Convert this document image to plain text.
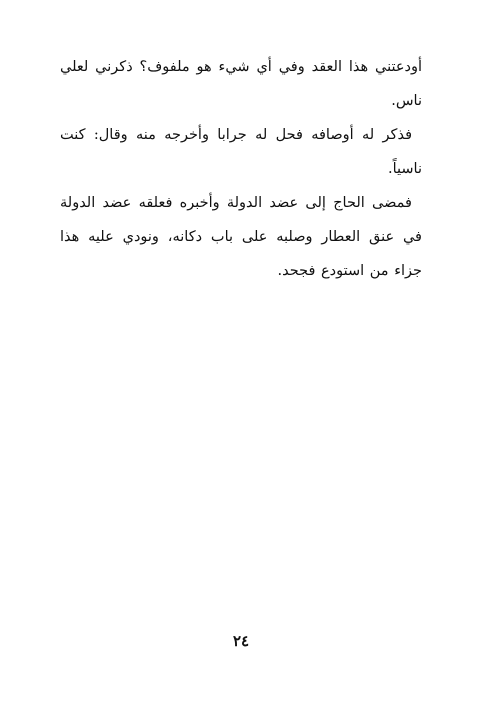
أودعتني هذا العقد وفي أي شيء هو ملفوف؟ ذكرني لعلي ناس.

فذكر له أوصافه فحل له جرابا وأخرجه منه وقال: كنت ناسياً.

فمضى الحاج إلى عضد الدولة وأخبره فعلقه عضد الدولة في عنق العطار وصلبه على باب دكانه، ونودي عليه هذا جزاء من استودع فجحد.

٢٤
